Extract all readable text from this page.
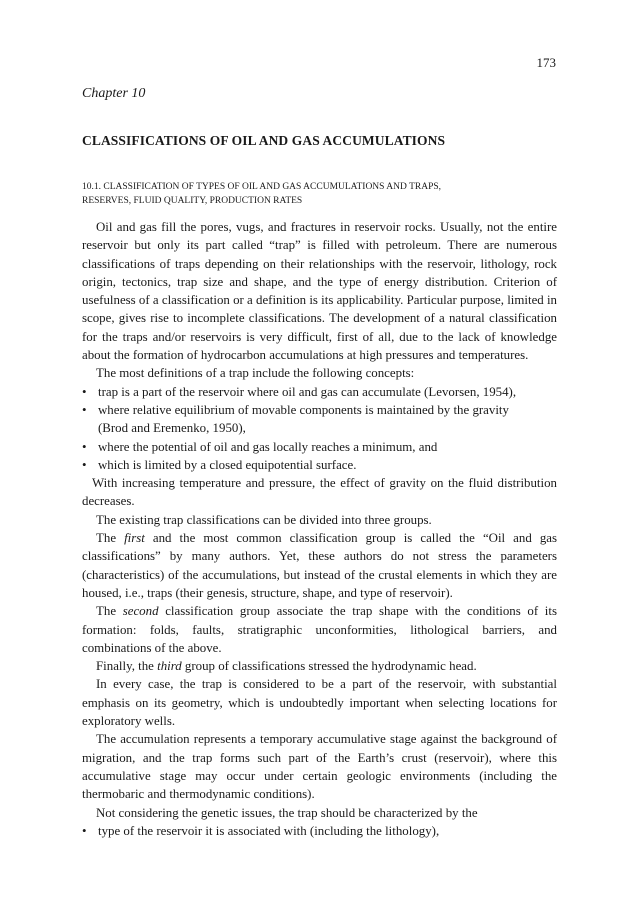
173
Chapter 10
CLASSIFICATIONS OF OIL AND GAS ACCUMULATIONS
10.1. CLASSIFICATION OF TYPES OF OIL AND GAS ACCUMULATIONS AND TRAPS,
RESERVES, FLUID QUALITY, PRODUCTION RATES

Oil and gas fill the pores, vugs, and fractures in reservoir rocks. Usually, not the entire reservoir but only its part called “trap” is filled with petroleum. There are numerous classifications of traps depending on their relationships with the reservoir, lithology, rock origin, tectonics, trap size and shape, and the type of energy distribution. Criterion of usefulness of a classification or a definition is its applicability. Particular purpose, limited in scope, gives rise to incomplete classifications. The development of a natural classification for the traps and/or reservoirs is very difficult, first of all, due to the lack of knowledge about the formation of hydrocarbon accumulations at high pressures and temperatures.

The most definitions of a trap include the following concepts:

• trap is a part of the reservoir where oil and gas can accumulate (Levorsen, 1954),

• where relative equilibrium of movable components is maintained by the gravity

(Brod and Eremenko, 1950),

• where the potential of oil and gas locally reaches a minimum, and

• which is limited by a closed equipotential surface.

With increasing temperature and pressure, the effect of gravity on the fluid distribution decreases.

The existing trap classifications can be divided into three groups.

The first and the most common classification group is called the “Oil and gas classifications” by many authors. Yet, these authors do not stress the parameters (characteristics) of the accumulations, but instead of the crustal elements in which they are housed, i.e., traps (their genesis, structure, shape, and type of reservoir).

The second classification group associate the trap shape with the conditions of its formation: folds, faults, stratigraphic unconformities, lithological barriers, and combinations of the above.

Finally, the third group of classifications stressed the hydrodynamic head.

In every case, the trap is considered to be a part of the reservoir, with substantial emphasis on its geometry, which is undoubtedly important when selecting locations for exploratory wells.

The accumulation represents a temporary accumulative stage against the background of migration, and the trap forms such part of the Earth’s crust (reservoir), where this accumulative stage may occur under certain geologic environments (including the thermobaric and thermodynamic conditions).

Not considering the genetic issues, the trap should be characterized by the

• type of the reservoir it is associated with (including the lithology),
